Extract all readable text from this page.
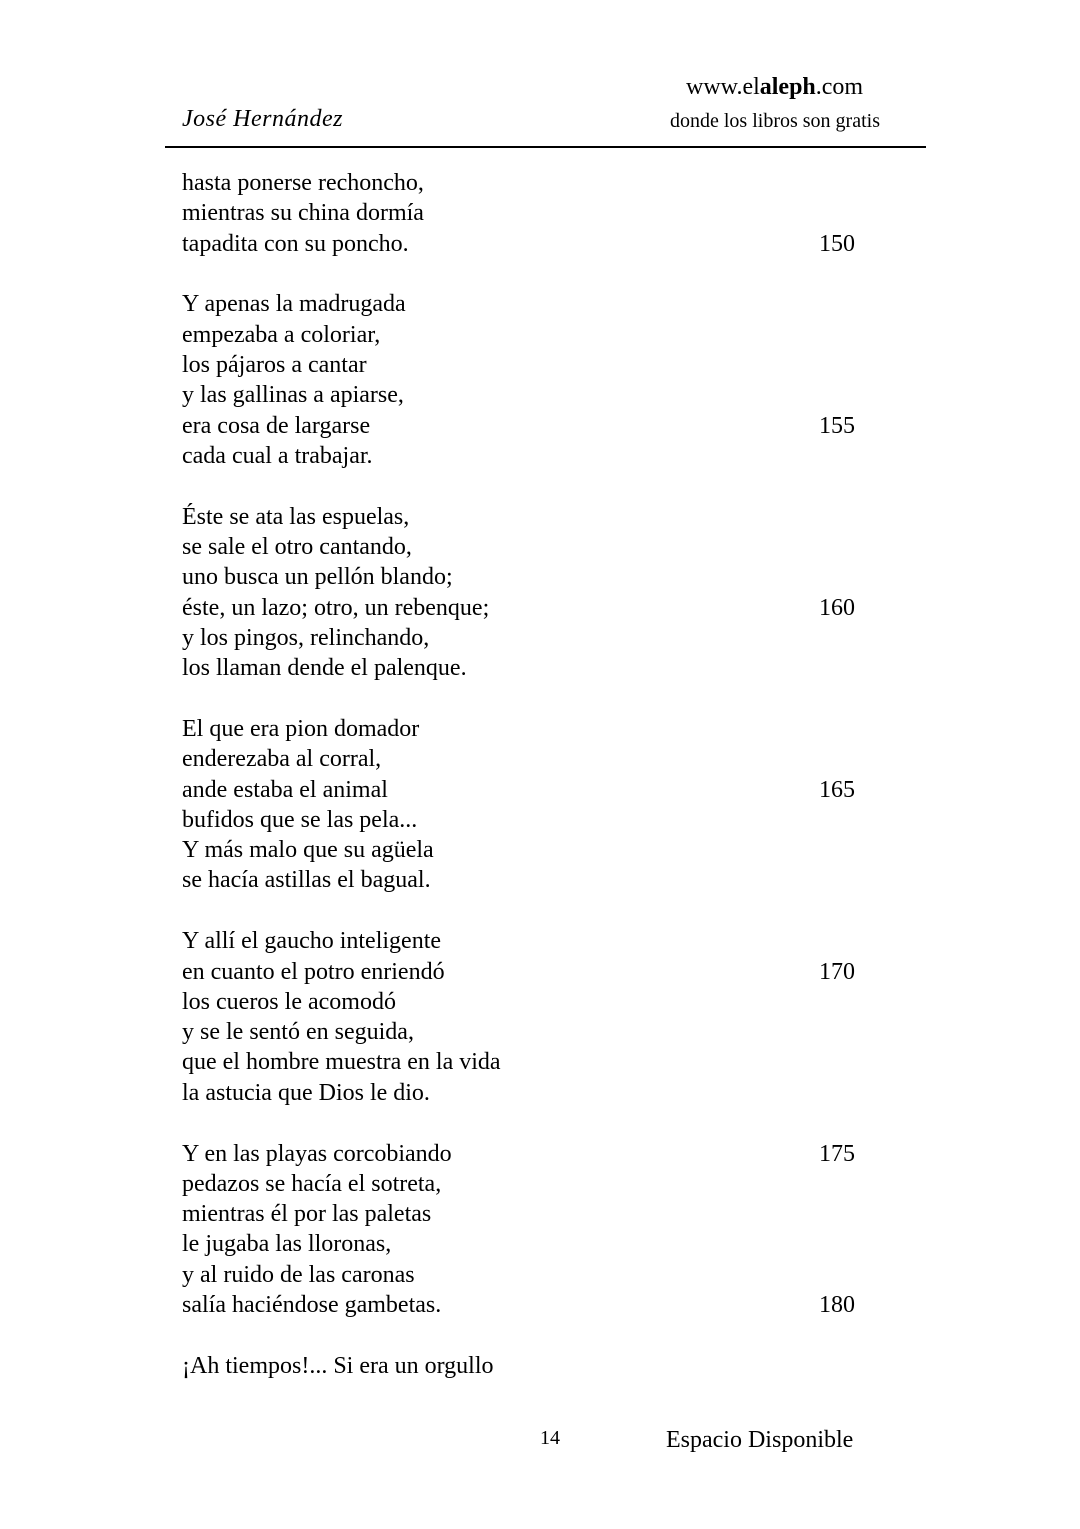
José Hernández
www.elaleph.com
donde los libros son gratis
hasta ponerse rechoncho,
mientras su china dormía
tapadita con su poncho.	150
Y apenas la madrugada
empezaba a coloriar,
los pájaros a cantar
y las gallinas a apiarse,
era cosa de largarse	155
cada cual a trabajar.
Éste se ata las espuelas,
se sale el otro cantando,
uno busca un pellón blando;
éste, un lazo; otro, un rebenque;	160
y los pingos, relinchando,
los llaman dende el palenque.
El que era pion domador
enderezaba al corral,
ande estaba el animal	165
bufidos que se las pela...
Y más malo que su agüela
se hacía astillas el bagual.
Y allí el gaucho inteligente
en cuanto el potro enriendó	170
los cueros le acomodó
y se le sentó en seguida,
que el hombre muestra en la vida
la astucia que Dios le dio.
Y en las playas corcobiando	175
pedazos se hacía el sotreta,
mientras él por las paletas
le jugaba las lloronas,
y al ruido de las caronas
salía haciéndose gambetas.	180
¡Ah tiempos!... Si era un orgullo
14	Espacio Disponible
